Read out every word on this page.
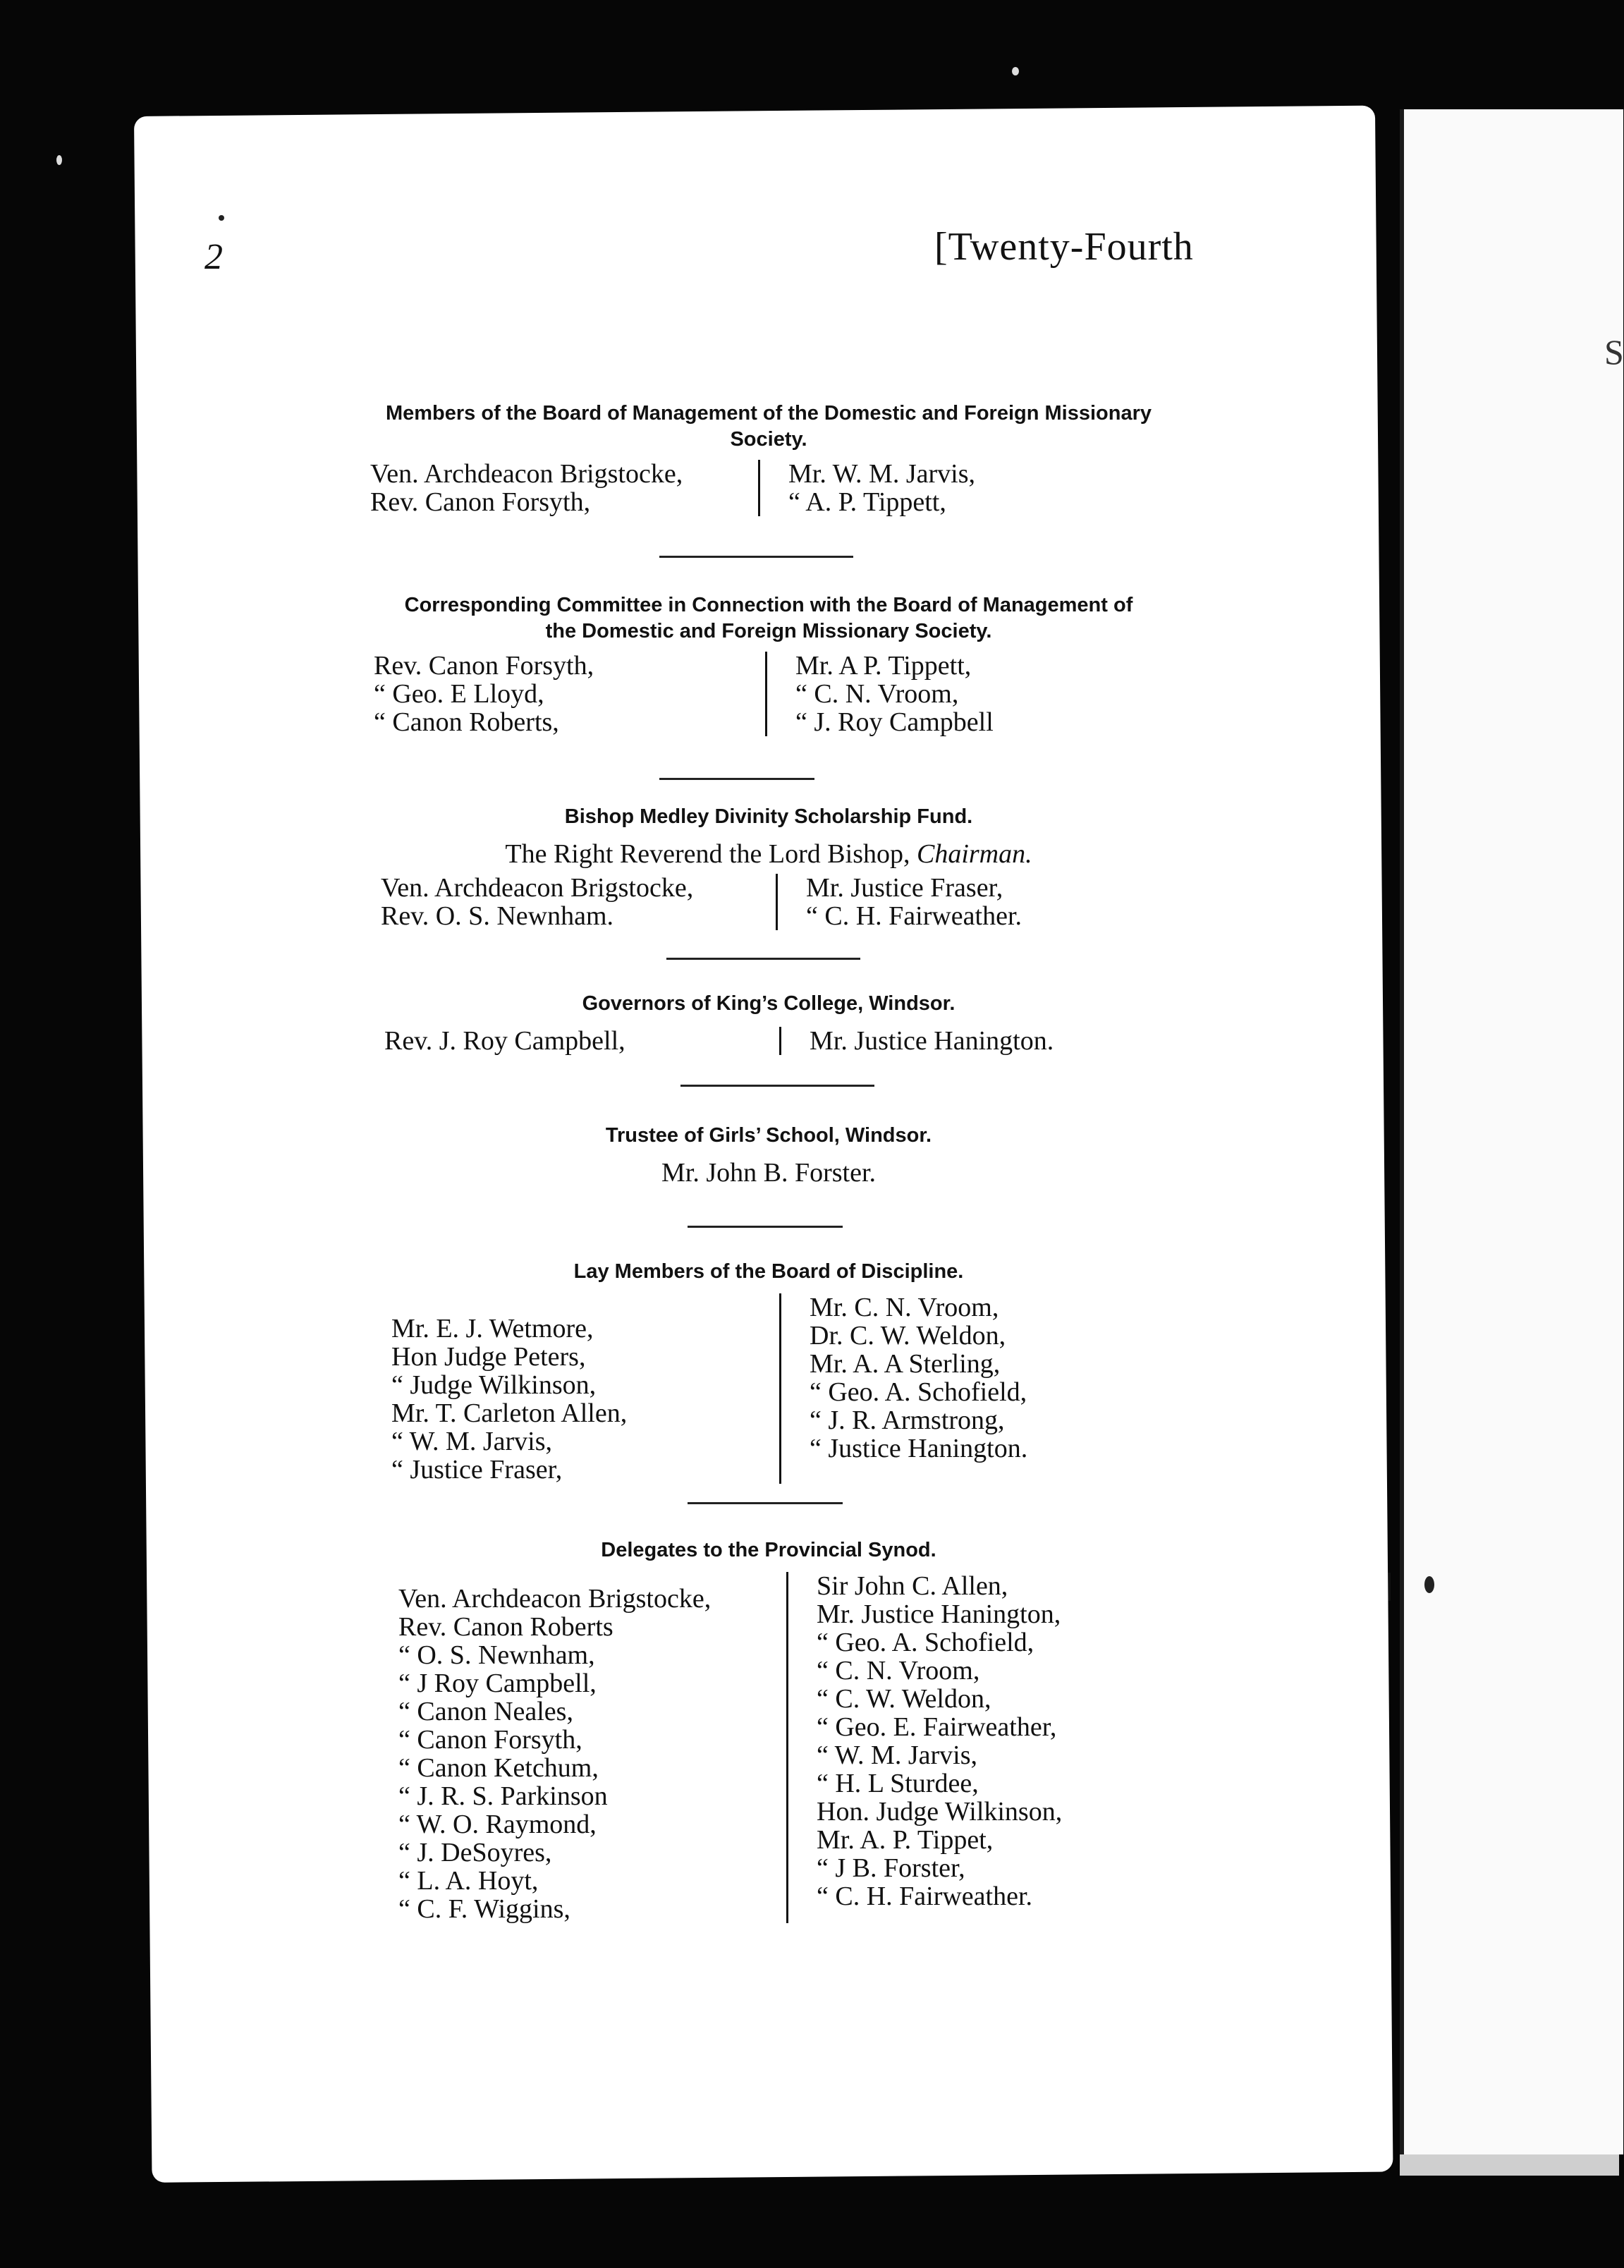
S
2	[Twenty-Fourth
Members of the Board of Management of the Domestic and Foreign Missionary
Society.
Ven. Archdeacon Brigstocke,
Rev. Canon Forsyth,
Mr. W. M. Jarvis,
“ A. P. Tippett,
Corresponding Committee in Connection with the Board of Management of
the Domestic and Foreign Missionary Society.
Rev. Canon Forsyth,
“ Geo. E Lloyd,
“ Canon Roberts,
Mr. A P. Tippett,
“ C. N. Vroom,
“ J. Roy Campbell
Bishop Medley Divinity Scholarship Fund.
The Right Reverend the Lord Bishop, Chairman.
Ven. Archdeacon Brigstocke,
Rev. O. S. Newnham.
Mr. Justice Fraser,
“ C. H. Fairweather.
Governors of King’s College, Windsor.
Rev. J. Roy Campbell,	Mr. Justice Hanington.
Trustee of Girls’ School, Windsor.
Mr. John B. Forster.
Lay Members of the Board of Discipline.
Mr. E. J. Wetmore,
Hon Judge Peters,
“ Judge Wilkinson,
Mr. T. Carleton Allen,
“ W. M. Jarvis,
“ Justice Fraser,
Mr. C. N. Vroom,
Dr. C. W. Weldon,
Mr. A. A Sterling,
“ Geo. A. Schofield,
“ J. R. Armstrong,
“ Justice Hanington.
Delegates to the Provincial Synod.
Ven. Archdeacon Brigstocke,
Rev. Canon Roberts
“ O. S. Newnham,
“ J Roy Campbell,
“ Canon Neales,
“ Canon Forsyth,
“ Canon Ketchum,
“ J. R. S. Parkinson
“ W. O. Raymond,
“ J. DeSoyres,
“ L. A. Hoyt,
“ C. F. Wiggins,
Sir John C. Allen,
Mr. Justice Hanington,
“ Geo. A. Schofield,
“ C. N. Vroom,
“ C. W. Weldon,
“ Geo. E. Fairweather,
“ W. M. Jarvis,
“ H. L Sturdee,
Hon. Judge Wilkinson,
Mr. A. P. Tippet,
“ J B. Forster,
“ C. H. Fairweather.
